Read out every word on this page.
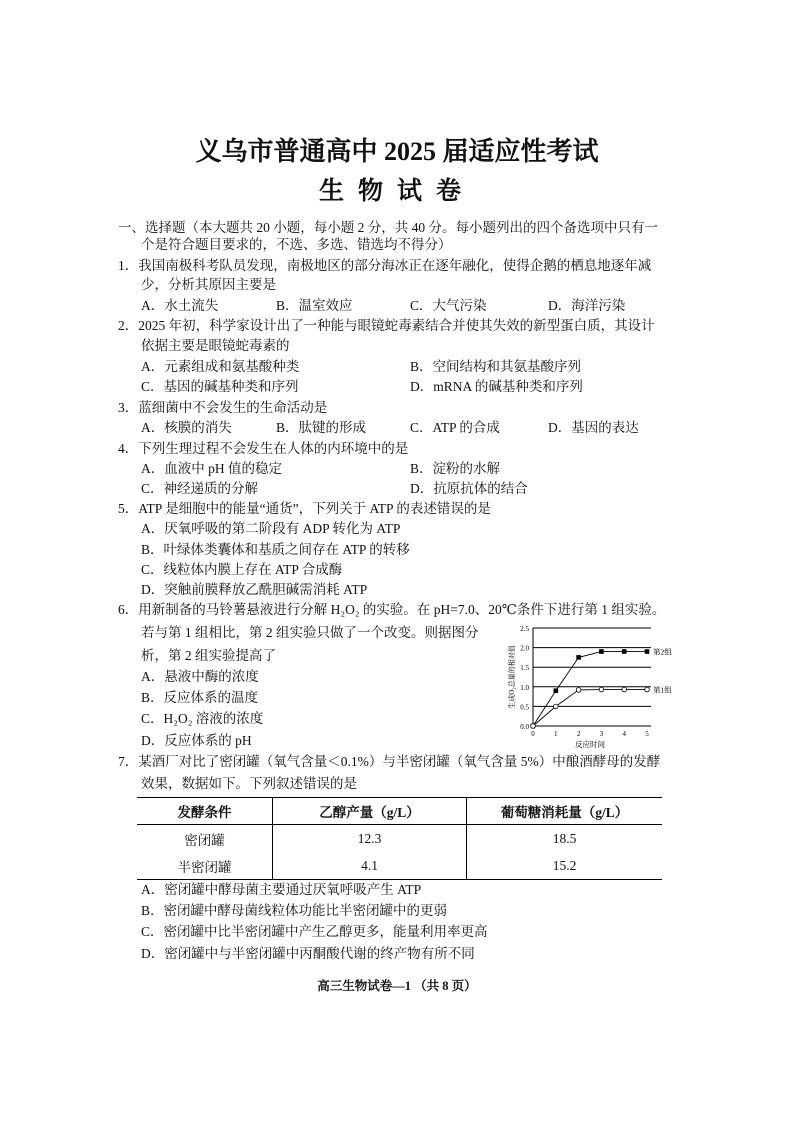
义乌市普通高中 2025 届适应性考试
生物试卷
一、选择题（本大题共 20 小题，每小题 2 分，共 40 分。每小题列出的四个备选项中只有一
个是符合题目要求的，不选、多选、错选均不得分）
1．我国南极科考队员发现，南极地区的部分海冰正在逐年融化，使得企鹅的栖息地逐年减
少，分析其原因主要是
A．水土流失	B．温室效应	C．大气污染	D．海洋污染
2．2025 年初，科学家设计出了一种能与眼镜蛇毒素结合并使其失效的新型蛋白质，其设计
依据主要是眼镜蛇毒素的
A．元素组成和氨基酸种类	B．空间结构和其氨基酸序列
C．基因的碱基种类和序列	D．mRNA 的碱基种类和序列
3．蓝细菌中不会发生的生命活动是
A．核膜的消失	B．肽键的形成	C．ATP 的合成	D．基因的表达
4．下列生理过程不会发生在人体的内环境中的是
A．血液中 pH 值的稳定	B．淀粉的水解
C．神经递质的分解	D．抗原抗体的结合
5．ATP 是细胞中的能量“通货”，下列关于 ATP 的表述错误的是
A．厌氧呼吸的第二阶段有 ADP 转化为 ATP
B．叶绿体类囊体和基质之间存在 ATP 的转移
C．线粒体内膜上存在 ATP 合成酶
D．突触前膜释放乙酰胆碱需消耗 ATP
6．用新制备的马铃薯悬液进行分解 H₂O₂ 的实验。在 pH=7.0、20℃条件下进行第 1 组实验。
若与第 1 组相比，第 2 组实验只做了一个改变。则据图分
析，第 2 组实验提高了
A．悬液中酶的浓度
B．反应体系的温度
C．H₂O₂ 溶液的浓度
D．反应体系的 pH
0.0
0.5
1.0
1.5
2.0
2.5
0	1	2	3	4	5
反应时间
生成O₂总量的相对值	第2组
第1组
7．某酒厂对比了密闭罐（氧气含量＜0.1%）与半密闭罐（氧气含量 5%）中酿酒酵母的发酵
效果，数据如下。下列叙述错误的是
发酵条件	乙醇产量（g/L）	葡萄糖消耗量（g/L）
密闭罐	12.3	18.5
半密闭罐	4.1	15.2
A．密闭罐中酵母菌主要通过厌氧呼吸产生 ATP
B．密闭罐中酵母菌线粒体功能比半密闭罐中的更弱
C．密闭罐中比半密闭罐中产生乙醇更多，能量利用率更高
D．密闭罐中与半密闭罐中丙酮酸代谢的终产物有所不同
高三生物试卷—1 （共 8 页）
